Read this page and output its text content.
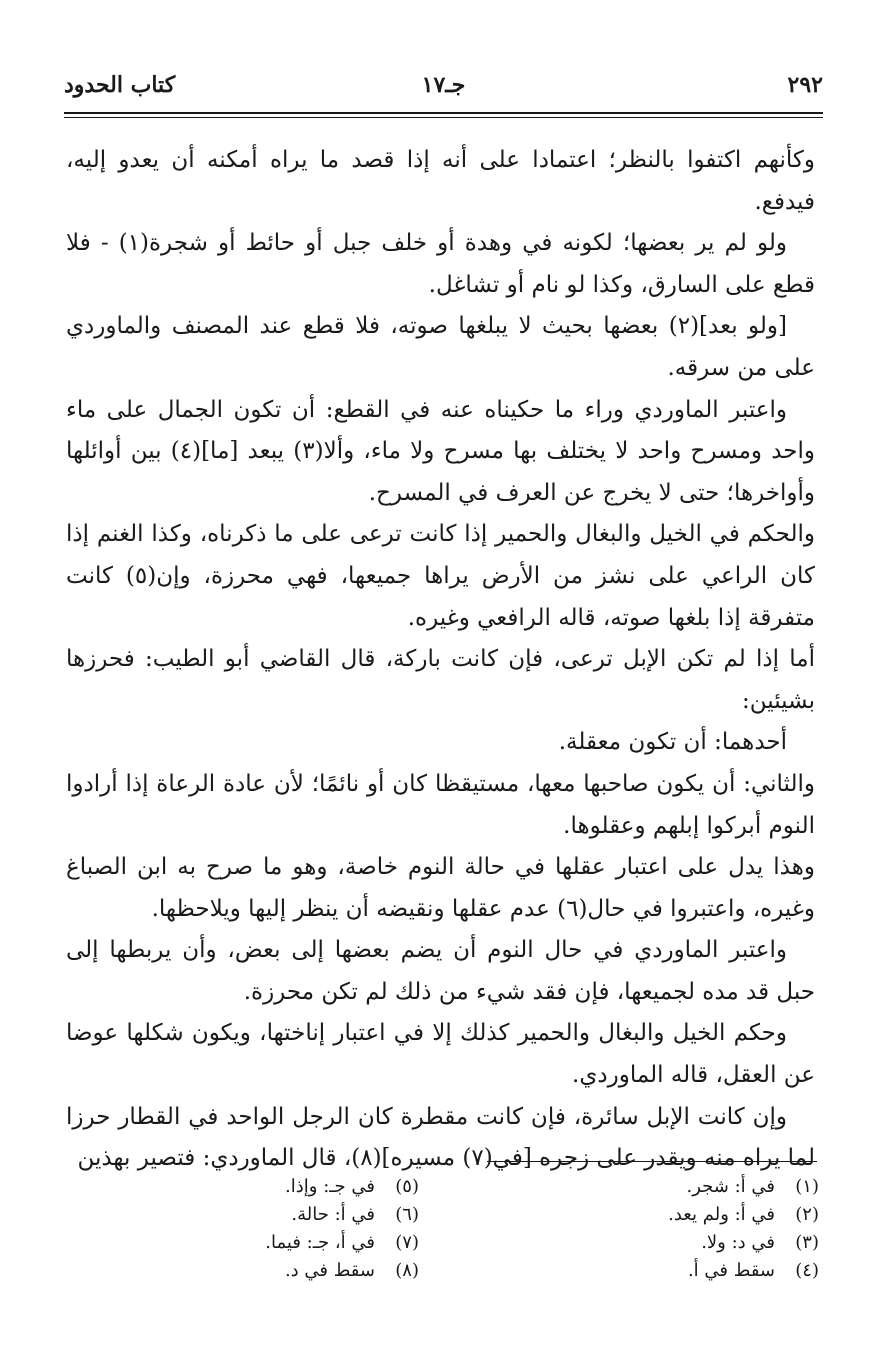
٢٩٢
جـ١٧
كتاب الحدود

وكأنهم اكتفوا بالنظر؛ اعتمادا على أنه إذا قصد ما يراه أمكنه أن يعدو إليه، فيدفع.

ولو لم ير بعضها؛ لكونه في وهدة أو خلف جبل أو حائط أو شجرة(١) - فلا قطع على السارق، وكذا لو نام أو تشاغل.

[ولو بعد](٢) بعضها بحيث لا يبلغها صوته، فلا قطع عند المصنف والماوردي على من سرقه.

واعتبر الماوردي وراء ما حكيناه عنه في القطع: أن تكون الجمال على ماء واحد ومسرح واحد لا يختلف بها مسرح ولا ماء، وألا(٣) يبعد [ما](٤) بين أوائلها وأواخرها؛ حتى لا يخرج عن العرف في المسرح.

والحكم في الخيل والبغال والحمير إذا كانت ترعى على ما ذكرناه، وكذا الغنم إذا كان الراعي على نشز من الأرض يراها جميعها، فهي محرزة، وإن(٥) كانت متفرقة إذا بلغها صوته، قاله الرافعي وغيره.

أما إذا لم تكن الإبل ترعى، فإن كانت باركة، قال القاضي أبو الطيب: فحرزها بشيئين:

أحدهما: أن تكون معقلة.

والثاني: أن يكون صاحبها معها، مستيقظا كان أو نائمًا؛ لأن عادة الرعاة إذا أرادوا النوم أبركوا إبلهم وعقلوها.

وهذا يدل على اعتبار عقلها في حالة النوم خاصة، وهو ما صرح به ابن الصباغ وغيره، واعتبروا في حال(٦) عدم عقلها ونقيضه أن ينظر إليها ويلاحظها.

واعتبر الماوردي في حال النوم أن يضم بعضها إلى بعض، وأن يربطها إلى حبل قد مده لجميعها، فإن فقد شيء من ذلك لم تكن محرزة.

وحكم الخيل والبغال والحمير كذلك إلا في اعتبار إناختها، ويكون شكلها عوضا عن العقل، قاله الماوردي.

وإن كانت الإبل سائرة، فإن كانت مقطرة كان الرجل الواحد في القطار حرزا لما يراه منه ويقدر على زجره [في(٧) مسيره](٨)، قال الماوردي: فتصير بهذين

(١)في أ: شجر.
(٢)في أ: ولم يعد.
(٣)في د: ولا.
(٤)سقط في أ.
(٥)في جـ: وإذا.
(٦)في أ: حالة.
(٧)في أ، جـ: فيما.
(٨)سقط في د.
